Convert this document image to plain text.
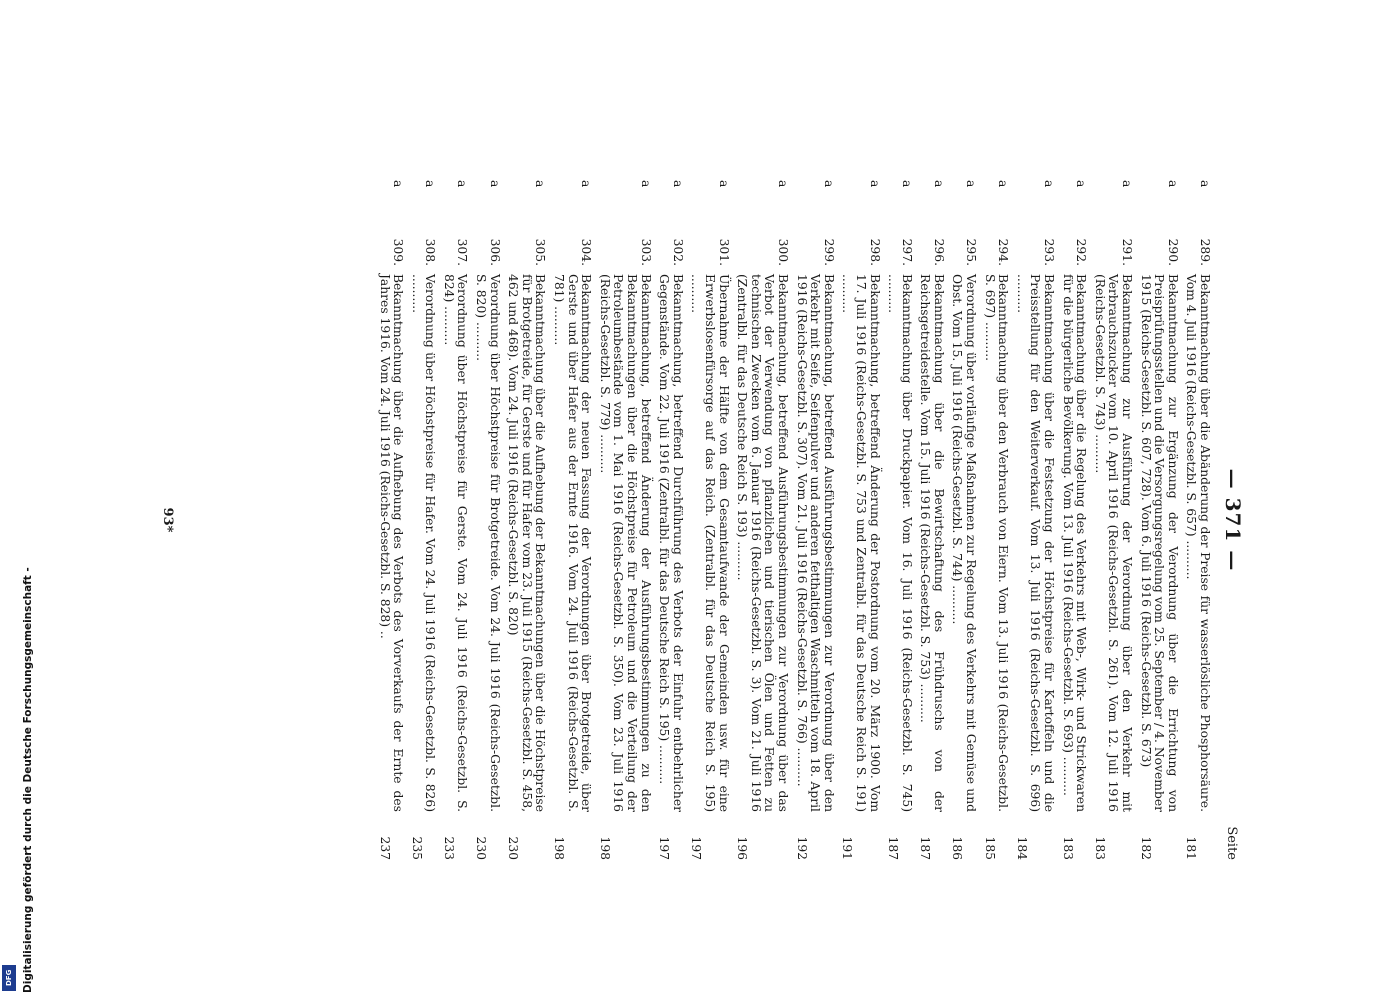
— 371 —
Seite
a
289.
Bekanntmachung über die Abänderung der Preise für wasserlösliche Phosphorsäure. Vom 4. Juli 1916 (Reichs-Gesetzbl. S. 657) ..........
181
a
290.
Bekanntmachung zur Ergänzung der Verordnung über die Errichtung von Preisprüfungsstellen und die Versorgungsregelung vom 25. September / 4. November 1915 (Reichs-Gesetzbl. S. 607, 728). Vom 6. Juli 1916 (Reichs-Gesetzbl. S. 673)
182
a
291.
Bekanntmachung zur Ausführung der Verordnung über den Verkehr mit Verbrauchszucker vom 10. April 1916 (Reichs-Gesetzbl. S. 261). Vom 12. Juli 1916 (Reichs-Gesetzbl. S. 743) ..........
183
a
292.
Bekanntmachung über die Regelung des Verkehrs mit Web-, Wirk- und Strickwaren für die bürgerliche Bevölkerung. Vom 13. Juli 1916 (Reichs-Gesetzbl. S. 693) ..........
183
a
293.
Bekanntmachung über die Festsetzung der Höchstpreise für Kartoffeln und die Preisstellung für den Weiterverkauf. Vom 13. Juli 1916 (Reichs-Gesetzbl. S. 696) ..........
184
a
294.
Bekanntmachung über den Verbrauch von Eiern. Vom 13. Juli 1916 (Reichs-Gesetzbl. S. 697) ..........
185
a
295.
Verordnung über vorläufige Maßnahmen zur Regelung des Verkehrs mit Gemüse und Obst. Vom 15. Juli 1916 (Reichs-Gesetzbl. S. 744) ..........
186
a
296.
Bekanntmachung über die Bewirtschaftung des Frühdruschs von der Reichsgetreidestelle. Vom 15. Juli 1916 (Reichs-Gesetzbl. S. 753) ..........
187
a
297.
Bekanntmachung über Druckpapier. Vom 16. Juli 1916 (Reichs-Gesetzbl. S. 745) ..........
187
a
298.
Bekanntmachung, betreffend Änderung der Postordnung vom 20. März 1900. Vom 17. Juli 1916 (Reichs-Gesetzbl. S. 753 und Zentralbl. für das Deutsche Reich S. 191) ..........
191
a
299.
Bekanntmachung, betreffend Ausführungsbestimmungen zur Verordnung über den Verkehr mit Seife, Seifenpulver und anderen fetthaltigen Waschmitteln vom 18. April 1916 (Reichs-Gesetzbl. S. 307). Vom 21. Juli 1916 (Reichs-Gesetzbl. S. 766) ..........
192
a
300.
Bekanntmachung, betreffend Ausführungsbestimmungen zur Verordnung über das Verbot der Verwendung von pflanzlichen und tierischen Ölen und Fetten zu technischen Zwecken vom 6. Januar 1916 (Reichs-Gesetzbl. S. 3). Vom 21. Juli 1916 (Zentralbl. für das Deutsche Reich S. 193) ..........
196
a
301.
Übernahme der Hälfte von dem Gesamtaufwande der Gemeinden usw. für eine Erwerbslosenfürsorge auf das Reich. (Zentralbl. für das Deutsche Reich S. 195) ..........
197
a
302.
Bekanntmachung, betreffend Durchführung des Verbots der Einfuhr entbehrlicher Gegenstände. Vom 22. Juli 1916 (Zentralbl. für das Deutsche Reich S. 195) ..........
197
a
303.
Bekanntmachung, betreffend Änderung der Ausführungsbestimmungen zu den Bekanntmachungen über die Höchstpreise für Petroleum und die Verteilung der Petroleumbestände vom 1. Mai 1916 (Reichs-Gesetzbl. S. 350). Vom 23. Juli 1916 (Reichs-Gesetzbl. S. 779) ..........
198
a
304.
Bekanntmachung der neuen Fassung der Verordnungen über Brotgetreide, über Gerste und über Hafer aus der Ernte 1916. Vom 24. Juli 1916 (Reichs-Gesetzbl. S. 781) ..........
198
a
305.
Bekanntmachung über die Aufhebung der Bekanntmachungen über die Höchstpreise für Brotgetreide, für Gerste und für Hafer vom 23. Juli 1915 (Reichs-Gesetzbl. S. 458, 462 und 468). Vom 24. Juli 1916 (Reichs-Gesetzbl. S. 820)
230
a
306.
Verordnung über Höchstpreise für Brotgetreide. Vom 24. Juli 1916 (Reichs-Gesetzbl. S. 820) ..........
230
a
307.
Verordnung über Höchstpreise für Gerste. Vom 24. Juli 1916 (Reichs-Gesetzbl. S. 824) ..........
233
a
308.
Verordnung über Höchstpreise für Hafer. Vom 24. Juli 1916 (Reichs-Gesetzbl. S. 826) ..........
235
a
309.
Bekanntmachung über die Aufhebung des Verbots des Vorverkaufs der Ernte des Jahres 1916. Vom 24. Juli 1916 (Reichs-Gesetzbl. S. 828) ..
237
93*
Digitalisierung gefördert durch die Deutsche Forschungsgemeinschaft -
DFG
